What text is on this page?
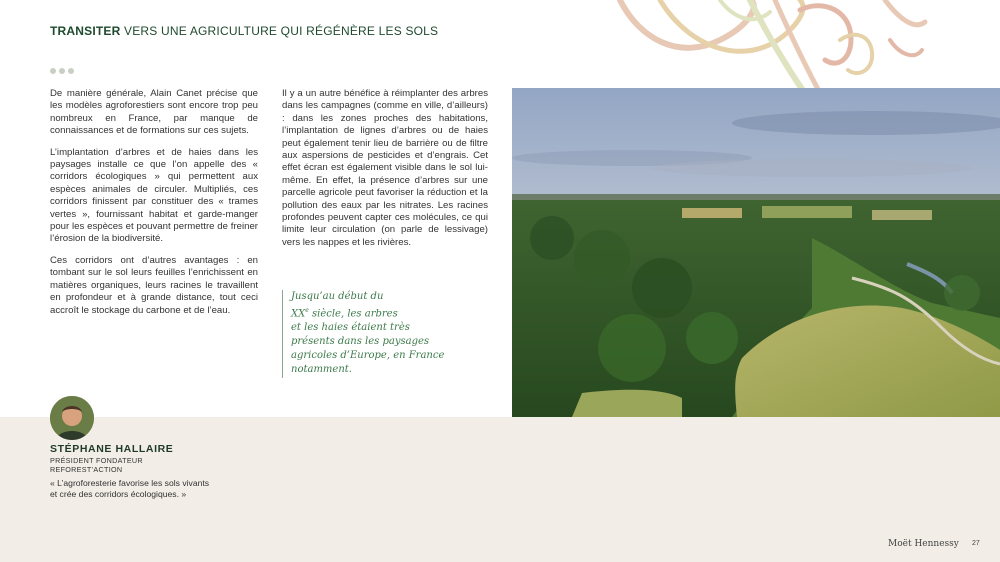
TRANSITER VERS UNE AGRICULTURE QUI RÉGÉNÈRE LES SOLS

De manière générale, Alain Canet précise que les modèles agroforestiers sont encore trop peu nombreux en France, par manque de connaissances et de formations sur ces sujets.

L’implantation d’arbres et de haies dans les paysages installe ce que l’on appelle des « corridors écologiques » qui permettent aux espèces animales de circuler. Multipliés, ces corridors finissent par constituer des « trames vertes », fournissant habitat et garde-manger pour les espèces et pouvant permettre de freiner l’érosion de la biodiversité.

Ces corridors ont d’autres avantages : en tombant sur le sol leurs feuilles l’enrichissent en matières organiques, leurs racines le travaillent en profondeur et à grande distance, tout ceci accroît le stockage du carbone et de l’eau.

Il y a un autre bénéfice à réimplanter des arbres dans les campagnes (comme en ville, d’ailleurs) : dans les zones proches des habitations, l’implantation de lignes d’arbres ou de haies peut également tenir lieu de barrière ou de filtre aux aspersions de pesticides et d’engrais. Cet effet écran est également visible dans le sol lui-même. En effet, la présence d’arbres sur une parcelle agricole peut favoriser la réduction et la pollution des eaux par les nitrates. Les racines profondes peuvent capter ces molécules, ce qui limite leur circulation (on parle de lessivage) vers les nappes et les rivières.

Jusqu’au début du
XXe siècle, les arbres
et les haies étaient très
présents dans les paysages
agricoles d’Europe, en France
notamment.
STÉPHANE HALLAIRE
PRÉSIDENT FONDATEUR
REFOREST’ACTION
« L’agroforesterie favorise les sols vivants
et crée des corridors écologiques. »
Moët Hennessy 27
